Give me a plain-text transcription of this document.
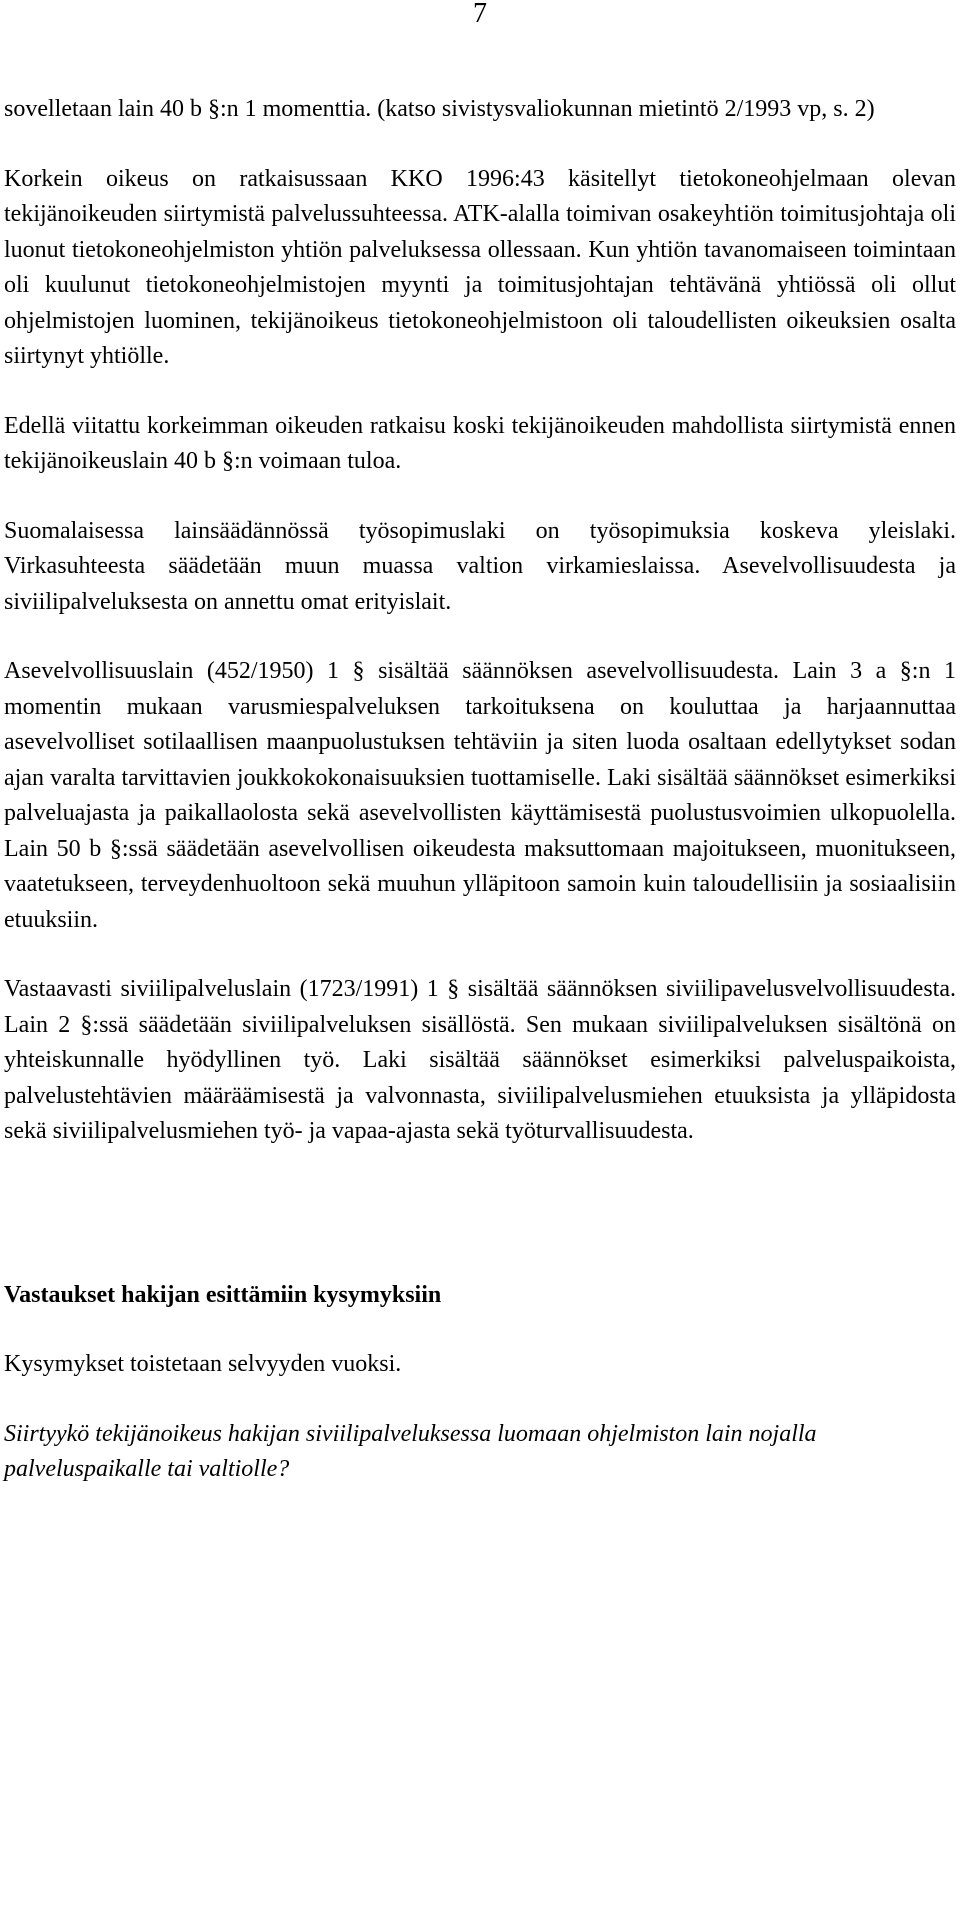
7

sovelletaan lain 40 b §:n 1 momenttia. (katso sivistysvaliokunnan mietintö 2/1993 vp, s. 2)

Korkein oikeus on ratkaisussaan KKO 1996:43 käsitellyt tietokoneohjelmaan olevan tekijänoikeuden siirtymistä palvelussuhteessa. ATK-alalla toimivan osakeyhtiön toimitusjohtaja oli luonut tietokoneohjelmiston yhtiön palveluksessa ollessaan. Kun yhtiön tavanomaiseen toimintaan oli kuulunut tietokoneohjelmistojen myynti ja toimitusjohtajan tehtävänä yhtiössä oli ollut ohjelmistojen luominen, tekijänoikeus tietokoneohjelmistoon oli taloudellisten oikeuksien osalta siirtynyt yhtiölle.

Edellä viitattu korkeimman oikeuden ratkaisu koski tekijänoikeuden mahdollista siirtymistä ennen tekijänoikeuslain 40 b §:n voimaan tuloa.

Suomalaisessa lainsäädännössä työsopimuslaki on työsopimuksia koskeva yleislaki. Virkasuhteesta säädetään muun muassa valtion virkamieslaissa. Asevelvollisuudesta ja siviilipalveluksesta on annettu omat erityislait.

Asevelvollisuuslain (452/1950) 1 § sisältää säännöksen asevelvollisuudesta. Lain 3 a §:n 1 momentin mukaan varusmiespalveluksen tarkoituksena on kouluttaa ja harjaannuttaa asevelvolliset sotilaallisen maanpuolustuksen tehtäviin ja siten luoda osaltaan edellytykset sodan ajan varalta tarvittavien joukkokokonaisuuksien tuottamiselle. Laki sisältää säännökset esimerkiksi palveluajasta ja paikallaolosta sekä asevelvollisten käyttämisestä puolustusvoimien ulkopuolella. Lain 50 b §:ssä säädetään asevelvollisen oikeudesta maksuttomaan majoitukseen, muonitukseen, vaatetukseen, terveydenhuoltoon sekä muuhun ylläpitoon samoin kuin taloudellisiin ja sosiaalisiin etuuksiin.

Vastaavasti siviilipalveluslain (1723/1991) 1 § sisältää säännöksen siviilipavelusvelvollisuudesta. Lain 2 §:ssä säädetään siviilipalveluksen sisällöstä. Sen mukaan siviilipalveluksen sisältönä on yhteiskunnalle hyödyllinen työ. Laki sisältää säännökset esimerkiksi palveluspaikoista, palvelustehtävien määräämisestä ja valvonnasta, siviilipalvelusmiehen etuuksista ja ylläpidosta sekä siviilipalvelusmiehen työ- ja vapaa-ajasta sekä työturvallisuudesta.

Vastaukset hakijan esittämiin kysymyksiin

Kysymykset toistetaan selvyyden vuoksi.

Siirtyykö tekijänoikeus hakijan siviilipalveluksessa luomaan ohjelmiston lain nojalla palveluspaikalle tai valtiolle?
